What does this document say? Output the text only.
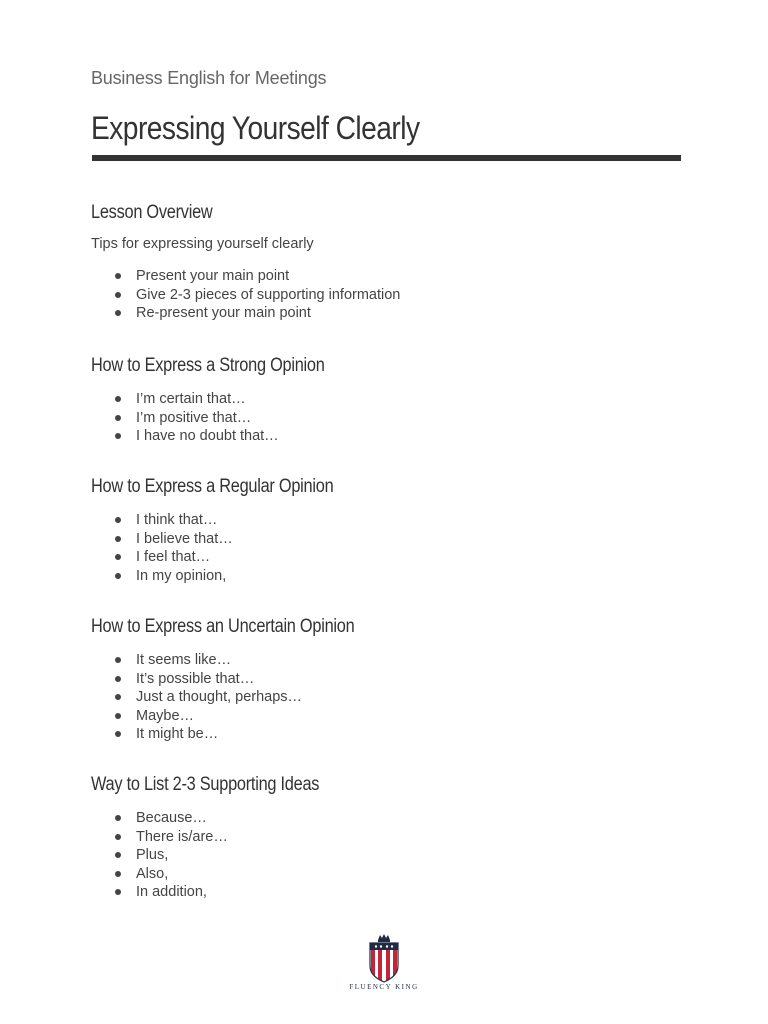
Business English for Meetings
Expressing Yourself Clearly
Lesson Overview
Tips for expressing yourself clearly
Present your main point
Give 2-3 pieces of supporting information
Re-present your main point
How to Express a Strong Opinion
I’m certain that…
I’m positive that…
I have no doubt that…
How to Express a Regular Opinion
I think that…
I believe that…
I feel that…
In my opinion,
How to Express an Uncertain Opinion
It seems like…
It’s possible that…
Just a thought, perhaps…
Maybe…
It might be…
Way to List 2-3 Supporting Ideas
Because…
There is/are…
Plus,
Also,
In addition,
FLUENCY KING
